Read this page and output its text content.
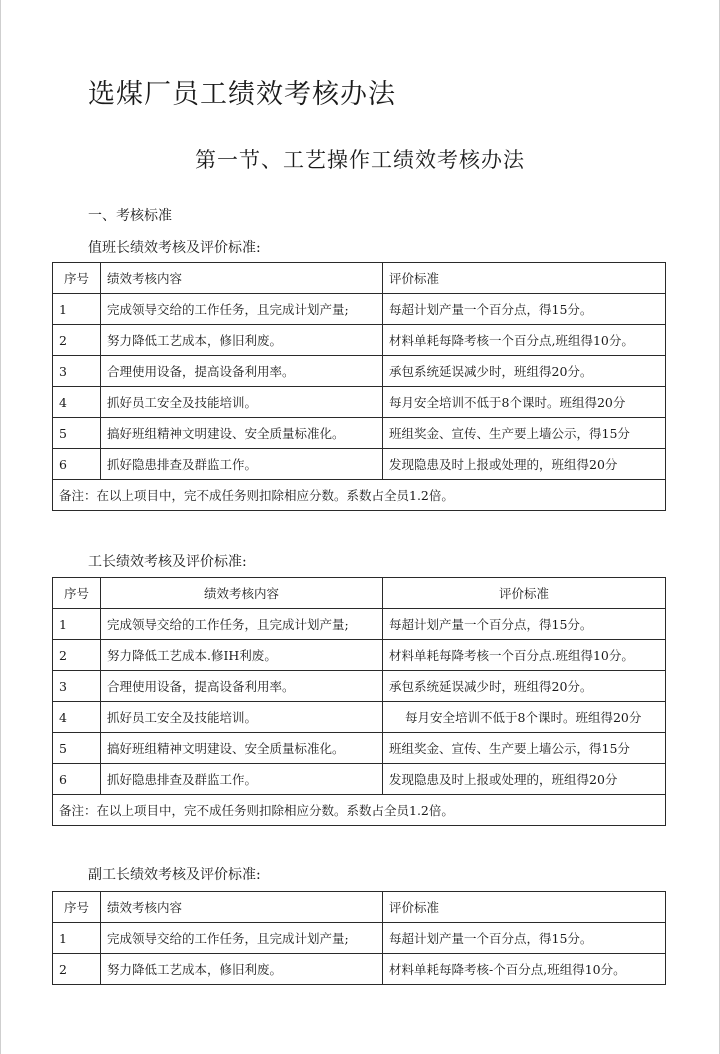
选煤厂员工绩效考核办法
第一节、工艺操作工绩效考核办法
一、考核标准
值班长绩效考核及评价标准:
序号	绩效考核内容	评价标准
1	完成领导交给的工作任务，且完成计划产量;	每超计划产量一个百分点，得15分。
2	努力降低工艺成本，修旧利废。	材料单耗每降考核一个百分点,班组得10分。
3	合理使用设备，提高设备利用率。	承包系统延误减少时，班组得20分。
4	抓好员工安全及技能培训。	每月安全培训不低于8个课时。班组得20分
5	搞好班组精神文明建设、安全质量标准化。	班组奖金、宣传、生产要上墙公示，得15分
6	抓好隐患排查及群监工作。	发现隐患及时上报或处理的，班组得20分
备注：在以上项目中，完不成任务则扣除相应分数。系数占全员1.2倍。		
工长绩效考核及评价标准:
序号	绩效考核内容	评价标准
1	完成领导交给的工作任务，且完成计划产量;	每超计划产量一个百分点，得15分。
2	努力降低工艺成本.修IH利废。	材料单耗每降考核一个百分点.班组得10分。
3	合理使用设备，提高设备利用率。	承包系统延误减少时，班组得20分。
4	抓好员工安全及技能培训。	每月安全培训不低于8个课时。班组得20分
5	搞好班组精神文明建设、安全质量标准化。	班组奖金、宣传、生产要上墙公示，得15分
6	抓好隐患排查及群监工作。	发现隐患及时上报或处理的，班组得20分
备注：在以上项目中，完不成任务则扣除相应分数。系数占全员1.2倍。		
副工长绩效考核及评价标准:
序号	绩效考核内容	评价标准
1	完成领导交给的工作任务，且完成计划产量;	每超计划产量一个百分点，得15分。
2	努力降低工艺成本，修旧利废。	材料单耗每降考核-个百分点,班组得10分。
